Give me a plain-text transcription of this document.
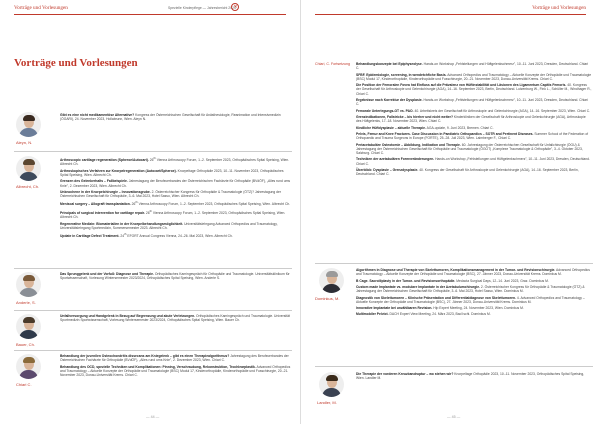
Vorträge und Vorlesungen	Spezielle Kinderpflege — Jahresbericht 2023
✕
Vorträge und Vorlesungen
Aleyn, N.
Albrecht, Ch.
Anderle, S.
Bauer, Ch.
Chiari C.
Gibt es eine nicht medikamentöse Alternative? Kongress der Österreichischen Gesellschaft für Anästhesiologie, Reanimation und Intensivmedizin (ÖGARI), 24. November 2023, Hollabrunn, Wien. Aleyn N.
Arthroscopic cartilage regeneration (Spheroe/Autocart). 26th Vienna Arthroscopy Forum, 1.-2. September 2023, Orthopädisches Spital Speising, Wien. Albrecht Ch.
Arthroskopisches Verfahren zur Knorpelregeneration (Autocart/Spheroe). Knorpeltage Orthopädie 2023, 10.-11. November 2023, Orthopädisches Spital Speising, Wien. Albrecht Ch.
Grenzen des Gelenkerhalts – Fallbeispiele. Jahrestagung der Berufsverbandes der Österreichischen Fachärzte für Orthopädie (BVdÖF), „Alles rund ums Knie", 2. Dezember 2023, Wien. Albrecht Ch.
Unknochene in der Knorpelchirurgie – Innovationsgrube. 2. Österreichischer Kongress für Orthopädie & Traumatologie (ÖTZ)? Jahrestagung der Österreichischen Gesellschaft für Orthopädie, 3.-6. Mai 2023, Hotel Sasso, Wien. Albrecht Ch.
Meniscal surgery – Allograft transplantation. 26th Vienna Arthroscopy Forum, 1.-2. September 2023, Orthopädisches Spital Speising, Wien. Albrecht Ch.
Principals of surgical intervention for cartilage repair. 26th Vienna Arthroscopy Forum, 1.-2. September 2023, Orthopädisches Spital Speising, Wien. Albrecht Ch.
Regenerative Medizin: Biomaterialien in der Knorpelbehandlungsmöglichkeit. Universitätslehrgang Advanced Orthopedics and Traumatology, Universitätslehrgang Sportmedizin, Sommersemester 2023. Albrecht Ch.
Update in Cartilage Defect Treatment. 24th EFORT Annual Congress Vienna, 24.-26. Mai 2023, Wien. Albrecht Ch.
Das Sprunggelenk und der Vorfuß: Diagnose und Therapie. Orthopädisches Kamingespräch für Orthopädie und Traumatologie. Universitätsklinikum für Sportwissenschaft, Vorlesung Wintersemester 2023/2024, Orthopädisches Spital Speising, Wien. Anderle S.
Unfallversorgung und Handgelenk in Bezug auf Begrenzung und akute Verletzungen. Orthopädisches Kamingespräch und Traumatologie. Universität Sportmedizin Sportwissenschaft, Vorlesung Wintersemester 2023/2024, Orthopädisches Spital Speising, Wien. Bauer Ch.
Behandlung der juvenilen Osteochondritis dissecans am Kniegelenk – gibt es einen Therapiealgorithmus? Jahrestagung des Berufsverbandes der Österreichischen Fachärzte für Orthopädie (BVdÖF), „Alles rund ums Knie", 2. Dezember 2023, Wien. Chiari C.
Behandlung des OCD, spezielle Techniken und Komplikationen: Pinning, Verschraubung, Rekonstruktion, Trochlearplastik. Advanced Orthopedics and Traumatology – Aktuelle Konzepte der Orthopädie und Traumatologie (BSC) Modul 17, Kinderorthopädie, Kinderorthopädie und Fusschirurgie, 20.-21. November 2023, Donau-Universität Krems. Chiari C.
— 44 —
Vorträge und Vorlesungen
Chiari, C. Fortsetzung	Behandlungskonzepte bei Epiphyseolyse. Hands-on Workshop „Fehlstellungen und Hüftgelenkschmerz", 10.-11. Juni 2023, Dresden, Deutschland. Chiari C.
SFBF. Epidemiologie, screening, in wendetchfiche Basis. Advanced Orthopedics and Traumatology – Aktuelle Konzepte der Orthopädie und Traumatologie (BSC) Modul 17, Kinderorthopädie, Kinderorthopädie und Fusschirurgie, 20.-21. November 2023, Donau-Universität Krems. Chiari C.
Die Position der Femoralen Fovea hat Einfluss auf die Prävalenz von Hüftinstabilität und Läsionen des Ligamentum Capitis Femoris. 40. Kongress der Gesellschaft für Arthroskopie und Gelenkchirurgie (AGA), 14.-16. September 2023, Berlin, Deutschland. Lutzenburg W., Fink L., Schüller M., Windhager R., Chiari C.
Ergebnisse nach Korrektur der Dysplasie. Hands-on Workshop „Fehlstellungen und Hüftgelenkschmerz", 10.-11. Juni 2023, Dresden, Deutschland. Chiari C.
Femorale Unterlegungs-OT vs. PAO. 40. Arbeitskreis der Gesellschaft für Arthroskopie und Gelenkchirurgie (AGA), 14.-16. September 2023, Wien. Chiari C.
Grenzindikationen, Fallstricke – bis hierher und nicht weiter? Kinderkliniken der Gesellschaft für Arthroskopie und Gelenkchirurgie (AGA), Arthroskopie des Hüftgelenks, 17.-18. November 2023, Wien. Chiari C.
Kindliche Hüftdysplasie – aktuelle Therapie. AGA-update, 9. Juni 2023, Bremen. Chiari C.
Pelvis, Femur and Knee Fractures. Case Discussion in Paediatric Orthopaedics – SOTR and Pertinent Diseases. Summer School of the Federation of Orthopaedic and Trauma Surgeons in Europe (FORTE), 25.-28. Juli 2023, Wien. Laimberger F., Chiari C.
Periacetabuläre Osteotomie – Abbildung, Indikation und Therapie. 60. Jahrestagung der Österreichischen Gesellschaft für Unfallchirurgie (ÖGU) & Jahrestagung der Österreichischen Gesellschaft für Orthopädie und Traumatologie (ÖGOT) „Komplexe Traumatologie & Orthopädie", 3.-4. Oktober 2023, Salzburg. Chiari C.
Techniken der azetabulären Formveränderungen. Hands-on Workshop „Fehlstellungen und Hüftgelenkschmerz", 10.-11. Juni 2023, Dresden, Deutschland. Chiari C.
Überblick: Dysplasie – Grenzdysplasie. 40. Kongress der Gesellschaft für Arthroskopie und Gelenkchirurgie (AGA), 14.-16. September 2023, Berlin, Deutschland. Chiari C.
Dominkus, M.
Algorithmen in Diagnose und Therapie von Skelettumoren, Komplikationsmanagement in der Tumor- und Revisionschirurgie. Advanced Orthopedics and Traumatology – Aktuelle Konzepte der Orthopädie und Traumatologie (BSC), 27. Jänner 2023, Donau-Universität Krems. Dominkus M.
B Cage. Sacroiliplasty in der Tumor- und Revisionsorthopädie. Medacta Surgical Days, 12.-14. Juni 2023, Graz. Dominkus M.
Custom made Implantate vs. modulare Implantate in der Azetabulumchirurgie. 2. Österreichischer Kongress für Orthopädie & Traumatologie (ÖTZ) & Jahrestagung der Österreichischen Gesellschaft für Orthopädie, 3.-6. Mai 2023, Hotel Sasso, Wien. Dominkus M.
Diagnostik von Skelettumoren – Klinische Präsentation und Differentialdiagnose von Skelettumoren. 4. Advanced Orthopedics and Traumatology – Aktuelle Konzepte der Orthopädie und Traumatologie (BSC), 27. Jänner 2023, Donau-Universität Krems. Dominkus M.
Innovative Implantate bei unzählbaren Revision. Hip Expert Meeting, 24. November 2023, Wien. Dominkus M.
Multimobiler Pelvict. DACH Expert View Meeting, 24. März 2023, Bad Ischl. Dominkus M.
Landler, M.
Die Therapie der vorderen Kreuzbandruptur – wo stehen wir? Knorpeltage Orthopädie 2023, 10.-11. November 2023, Orthopädisches Spital Speising, Wien. Landler M.
— 45 —
